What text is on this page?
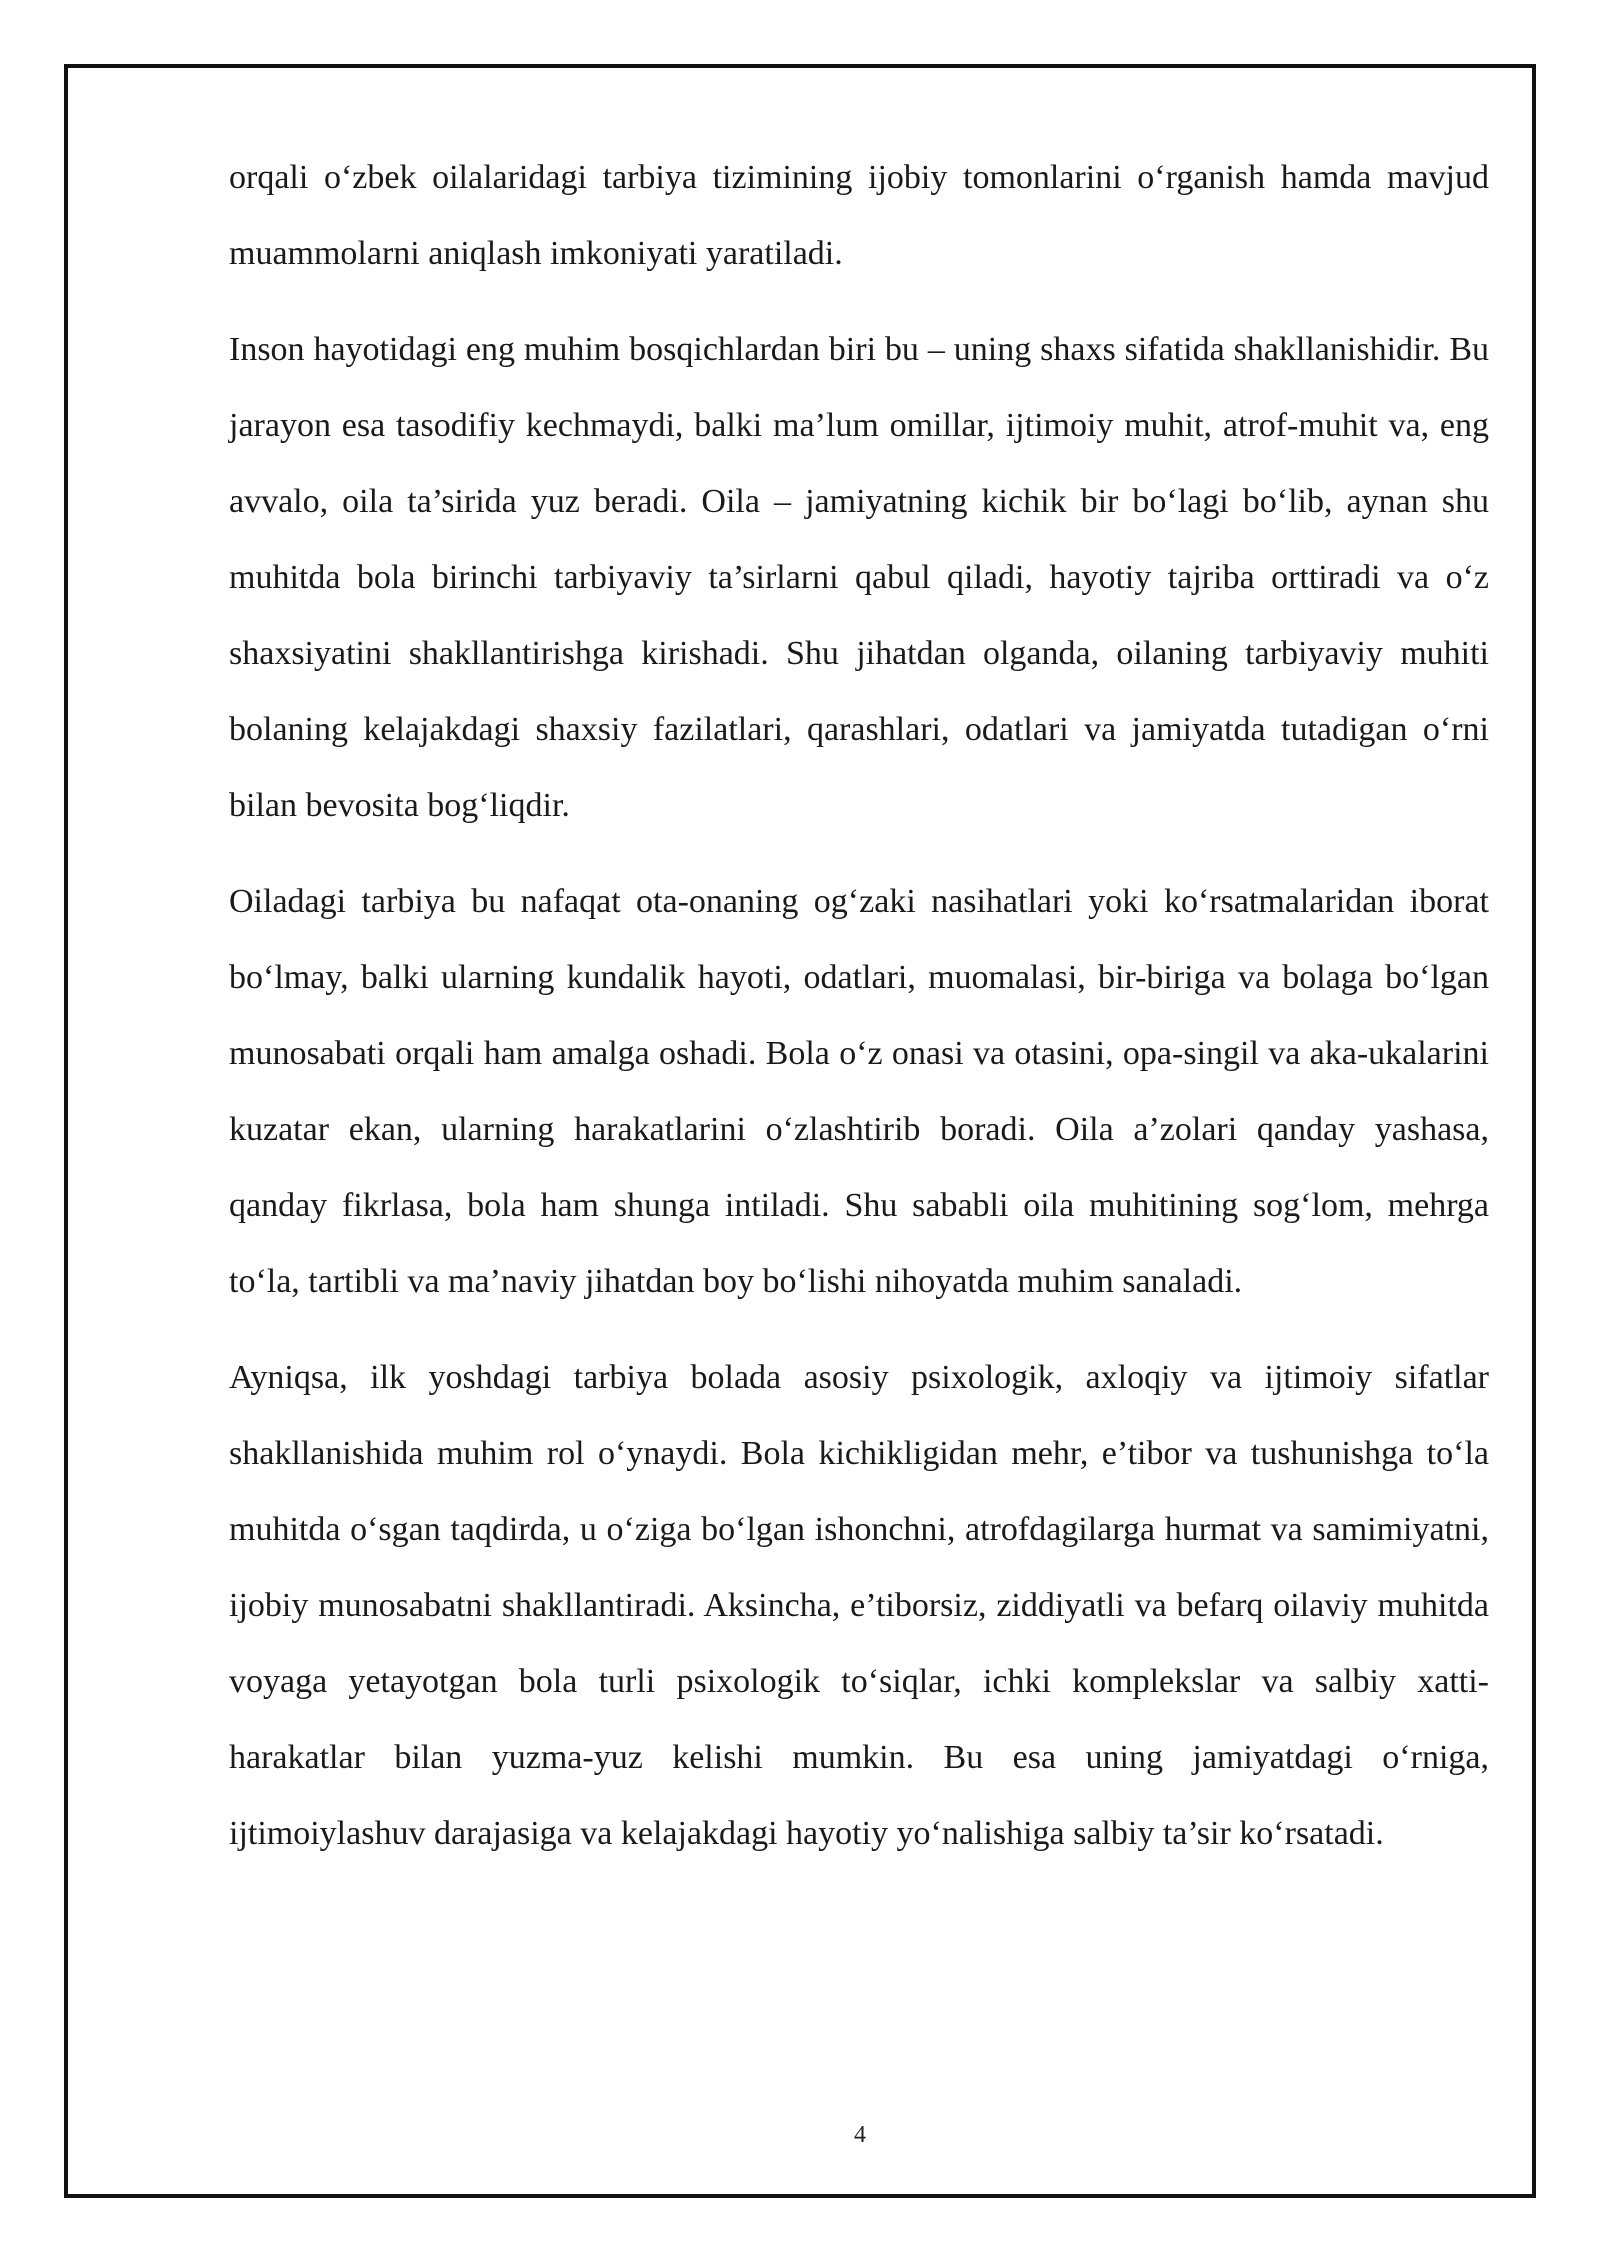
orqali o‘zbek oilalaridagi tarbiya tizimining ijobiy tomonlarini o‘rganish hamda mavjud muammolarni aniqlash imkoniyati yaratiladi.

Inson hayotidagi eng muhim bosqichlardan biri bu – uning shaxs sifatida shakllanishidir. Bu jarayon esa tasodifiy kechmaydi, balki ma’lum omillar, ijtimoiy muhit, atrof-muhit va, eng avvalo, oila ta’sirida yuz beradi. Oila – jamiyatning kichik bir bo‘lagi bo‘lib, aynan shu muhitda bola birinchi tarbiyaviy ta’sirlarni qabul qiladi, hayotiy tajriba orttiradi va o‘z shaxsiyatini shakllantirishga kirishadi. Shu jihatdan olganda, oilaning tarbiyaviy muhiti bolaning kelajakdagi shaxsiy fazilatlari, qarashlari, odatlari va jamiyatda tutadigan o‘rni bilan bevosita bog‘liqdir.

Oiladagi tarbiya bu nafaqat ota-onaning og‘zaki nasihatlari yoki ko‘rsatmalaridan iborat bo‘lmay, balki ularning kundalik hayoti, odatlari, muomalasi, bir-biriga va bolaga bo‘lgan munosabati orqali ham amalga oshadi. Bola o‘z onasi va otasini, opa-singil va aka-ukalarini kuzatar ekan, ularning harakatlarini o‘zlashtirib boradi. Oila a’zolari qanday yashasa, qanday fikrlasa, bola ham shunga intiladi. Shu sababli oila muhitining sog‘lom, mehrga to‘la, tartibli va ma’naviy jihatdan boy bo‘lishi nihoyatda muhim sanaladi.

Ayniqsa, ilk yoshdagi tarbiya bolada asosiy psixologik, axloqiy va ijtimoiy sifatlar shakllanishida muhim rol o‘ynaydi. Bola kichikligidan mehr, e’tibor va tushunishga to‘la muhitda o‘sgan taqdirda, u o‘ziga bo‘lgan ishonchni, atrofdagilarga hurmat va samimiyatni, ijobiy munosabatni shakllantiradi. Aksincha, e’tiborsiz, ziddiyatli va befarq oilaviy muhitda voyaga yetayotgan bola turli psixologik to‘siqlar, ichki komplekslar va salbiy xatti-harakatlar bilan yuzma-yuz kelishi mumkin. Bu esa uning jamiyatdagi o‘rniga, ijtimoiylashuv darajasiga va kelajakdagi hayotiy yo‘nalishiga salbiy ta’sir ko‘rsatadi.

4
